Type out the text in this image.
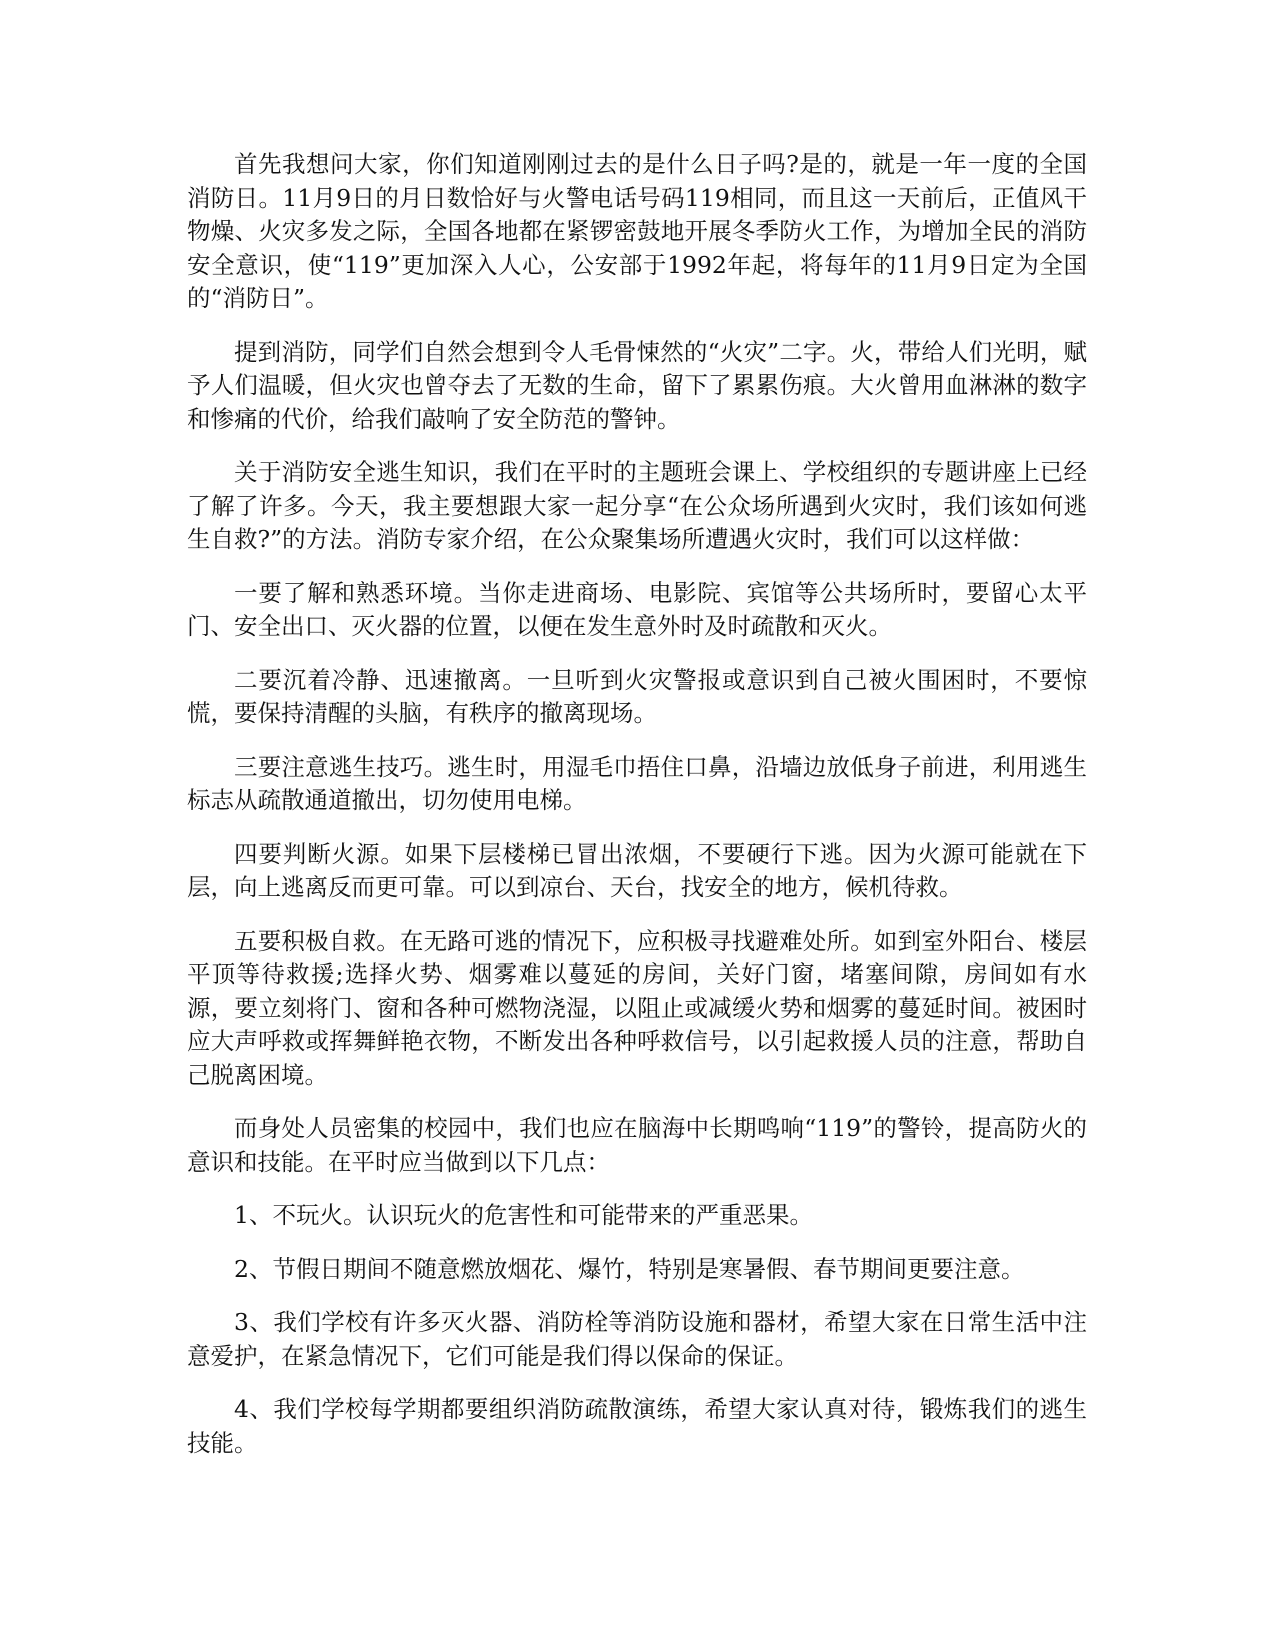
首先我想问大家，你们知道刚刚过去的是什么日子吗?是的，就是一年一度的全国消防日。11月9日的月日数恰好与火警电话号码119相同，而且这一天前后，正值风干物燥、火灾多发之际，全国各地都在紧锣密鼓地开展冬季防火工作，为增加全民的消防安全意识，使“119”更加深入人心，公安部于1992年起，将每年的11月9日定为全国的“消防日”。

提到消防，同学们自然会想到令人毛骨悚然的“火灾”二字。火，带给人们光明，赋予人们温暖，但火灾也曾夺去了无数的生命，留下了累累伤痕。大火曾用血淋淋的数字和惨痛的代价，给我们敲响了安全防范的警钟。

关于消防安全逃生知识，我们在平时的主题班会课上、学校组织的专题讲座上已经了解了许多。今天，我主要想跟大家一起分享“在公众场所遇到火灾时，我们该如何逃生自救?”的方法。消防专家介绍，在公众聚集场所遭遇火灾时，我们可以这样做：

一要了解和熟悉环境。当你走进商场、电影院、宾馆等公共场所时，要留心太平门、安全出口、灭火器的位置，以便在发生意外时及时疏散和灭火。

二要沉着冷静、迅速撤离。一旦听到火灾警报或意识到自己被火围困时，不要惊慌，要保持清醒的头脑，有秩序的撤离现场。

三要注意逃生技巧。逃生时，用湿毛巾捂住口鼻，沿墙边放低身子前进，利用逃生标志从疏散通道撤出，切勿使用电梯。

四要判断火源。如果下层楼梯已冒出浓烟，不要硬行下逃。因为火源可能就在下层，向上逃离反而更可靠。可以到凉台、天台，找安全的地方，候机待救。

五要积极自救。在无路可逃的情况下，应积极寻找避难处所。如到室外阳台、楼层平顶等待救援;选择火势、烟雾难以蔓延的房间，关好门窗，堵塞间隙，房间如有水源，要立刻将门、窗和各种可燃物浇湿，以阻止或减缓火势和烟雾的蔓延时间。被困时应大声呼救或挥舞鲜艳衣物，不断发出各种呼救信号，以引起救援人员的注意，帮助自己脱离困境。

而身处人员密集的校园中，我们也应在脑海中长期鸣响“119”的警铃，提高防火的意识和技能。在平时应当做到以下几点：

1、不玩火。认识玩火的危害性和可能带来的严重恶果。

2、节假日期间不随意燃放烟花、爆竹，特别是寒暑假、春节期间更要注意。

3、我们学校有许多灭火器、消防栓等消防设施和器材，希望大家在日常生活中注意爱护，在紧急情况下，它们可能是我们得以保命的保证。

4、我们学校每学期都要组织消防疏散演练，希望大家认真对待，锻炼我们的逃生技能。
